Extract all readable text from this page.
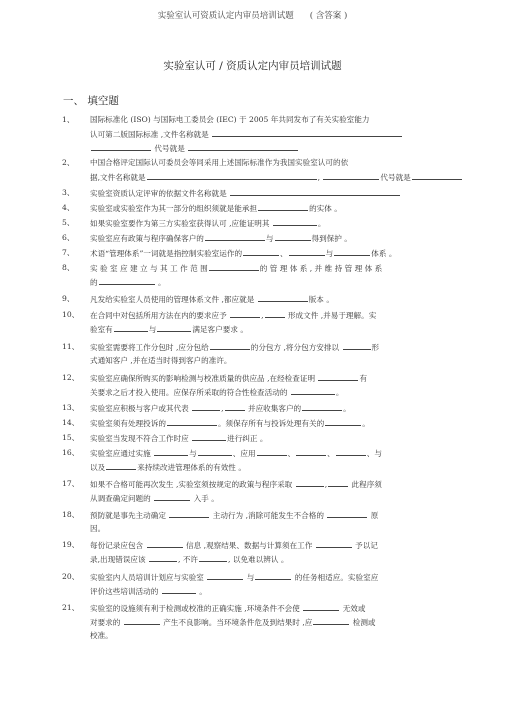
实验室认可资质认定内审员培训试题 ( 含答案 )
实验室认可 / 资质认定内审员培训试题
一、 填空题
1、	国际标准化 (ISO) 与国际电工委员会 (IEC) 于 2005 年共同发布了有关实验室能力
认可第二版国际标准 ,文件名称就是
代号就是
2、	中国合格评定国际认可委员会等同采用上述国际标准作为我国实验室认可的依
据,文件名称就是	,	代号就是
3、	实验室资质认定评审的依据文件名称就是
4、	实验室或实验室作为其一部分的组织须就是能承担	的实体 。
5、	如果实验室要作为第三方实验室获得认可 ,应能证明其	。
6、	实验室应有政策与程序确保客户的	与	得到保护 。
7、	术语“管理体系”一词就是指控制实验室运作的	、	与	体系 。
8、	实 验 室 应 建 立 与 其 工 作 范 围	的 管 理 体 系 , 并 维 持 管 理 体 系
的	。
9、	凡发给实验室人员使用的管理体系文件 ,都应就是	版本 。
10、	在合同中对包括所用方法在内的要求应予	,	形成文件 ,并易于理解。实
验室有	与	满足客户要求 。
11、	实验室需要将工作分包时 ,应分包给	的分包方 ,将分包方安排以	形
式通知客户 ,并在适当时得到客户的准许。
12、	实验室应确保所购买的影响检测与校准质量的供应品 ,在经检查证明	有
关要求之后才投入使用。应保存所采取的符合性检查活动的	。
13、	实验室应积极与客户或其代表	,	并应收集客户的	。
14、	实验室须有处理投诉的	。须保存所有与投诉处理有关的	。
15、	实验室当发现不符合工作时应	进行纠正 。
16、	实验室应通过实施	与	、应用	、	、	、与
以及	来持续改进管理体系的有效性 。
17、	如果不合格可能再次发生 ,实验室须按规定的政策与程序采取	,	此程序须
从调查确定问题的	入手 。
18、	预防就是事先主动确定	主动行为 ,消除可能发生不合格的	原
因。
19、	每份记录应包含	信息 ,观察结果、数据与计算须在工作	予以记
录,出现错误应该	, 不许	, 以免难以辨认 。
20、	实验室内人员培训计划应与实验室	与	的任务相适应。实验室应
评价这些培训活动的	。
21、	实验室的设施须有利于检测或校准的正确实施 ,环境条件不会使	无效或
对要求的	产生不良影响。当环境条件危及到结果时 ,应	检测或
校准。
